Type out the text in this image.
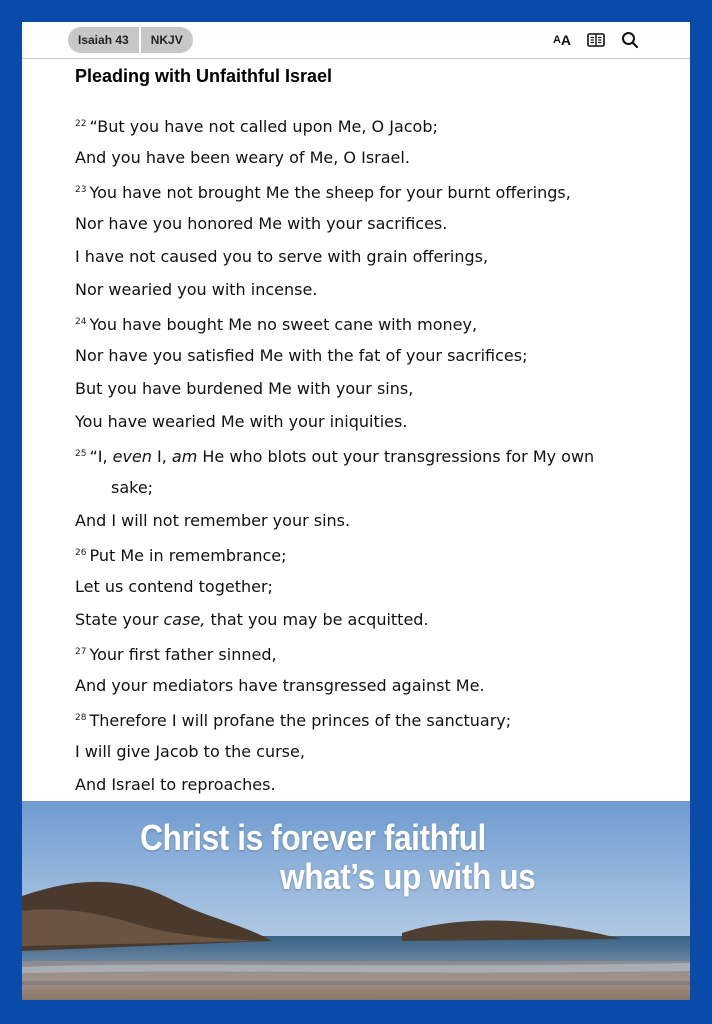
Isaiah 43	NKJV	A A
Pleading with Unfaithful Israel
$^{22}$ “But you have not called upon Me, O Jacob;
And you have been weary of Me, O Israel.
$^{23}$ You have not brought Me the sheep for your burnt offerings,
Nor have you honored Me with your sacrifices.
I have not caused you to serve with grain offerings,
Nor wearied you with incense.
$^{24}$ You have bought Me no sweet cane with money,
Nor have you satisfied Me with the fat of your sacrifices;
But you have burdened Me with your sins,
You have wearied Me with your iniquities.
$^{25}$ “I, even I, am He who blots out your transgressions for My own
sake;
And I will not remember your sins.
$^{26}$ Put Me in remembrance;
Let us contend together;
State your case, that you may be acquitted.
$^{27}$ Your first father sinned,
And your mediators have transgressed against Me.
$^{28}$ Therefore I will profane the princes of the sanctuary;
I will give Jacob to the curse,
And Israel to reproaches.
Christ is forever faithful
what’s up with us
